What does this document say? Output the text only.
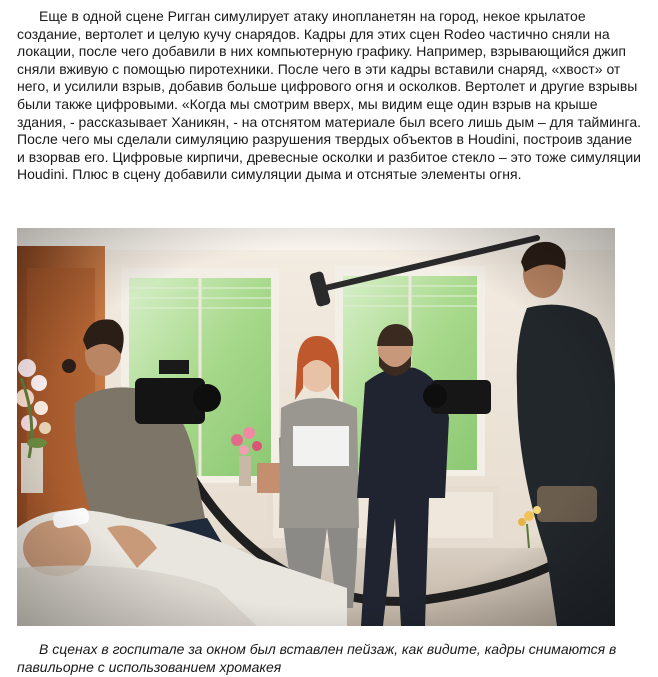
Еще в одной сцене Ригган симулирует атаку инопланетян на город, некое крылатое создание, вертолет и целую кучу снарядов. Кадры для этих сцен Rodeo частично сняли на локации, после чего добавили в них компьютерную графику. Например, взрывающийся джип сняли вживую с помощью пиротехники. После чего в эти кадры вставили снаряд, «хвост» от него, и усилили взрыв, добавив больше цифрового огня и осколков. Вертолет и другие взрывы были также цифровыми. «Когда мы смотрим вверх, мы видим еще один взрыв на крыше здания, - рассказывает Ханикян, - на отснятом материале был всего лишь дым – для тайминга. После чего мы сделали симуляцию разрушения твердых объектов в Houdini, построив здание и взорвав его. Цифровые кирпичи, древесные осколки и разбитое стекло – это тоже симуляции Houdini. Плюс в сцену добавили симуляции дыма и отснятые элементы огня.

В сценах в госпитале за окном был вставлен пейзаж, как видите, кадры снимаются в павильорне с использованием хромакея
